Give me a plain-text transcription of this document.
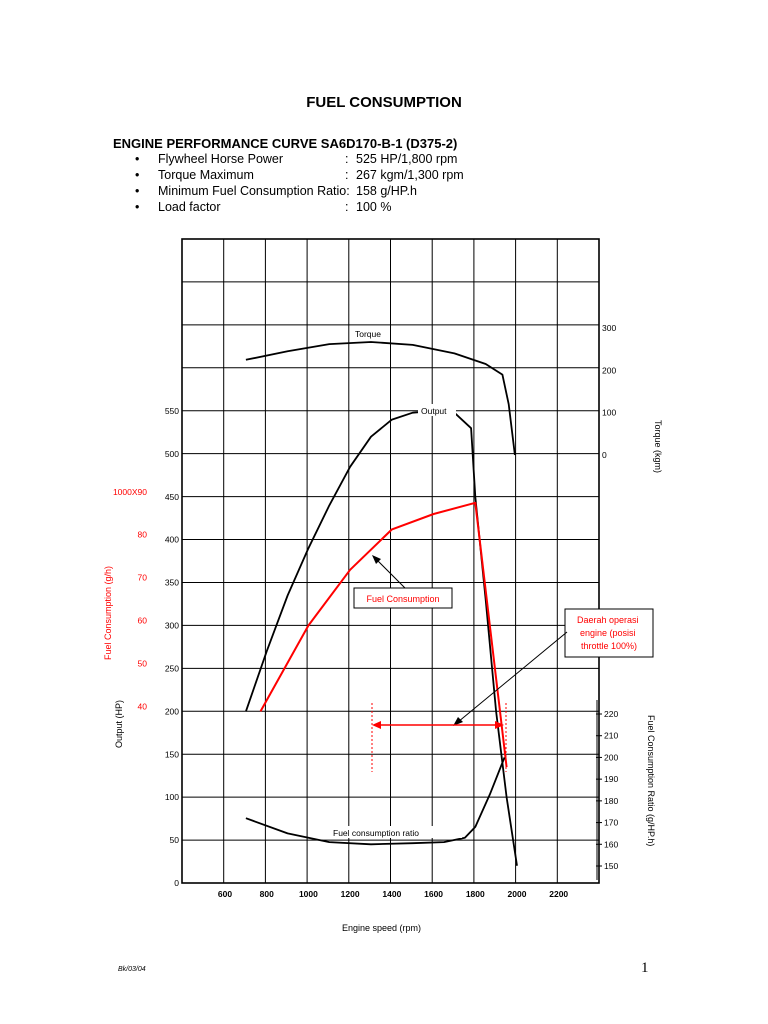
FUEL CONSUMPTION
ENGINE PERFORMANCE CURVE SA6D170-B-1 (D375-2)
• Flywheel Horse Power	: 525 HP/1,800 rpm
• Torque Maximum	: 267 kgm/1,300 rpm
• Minimum Fuel Consumption Ratio: 158 g/HP.h
• Load factor	: 100 %
600	800	1000	1200	1400	1600	1800	2000	2200
0
50
100
150
200
250
300
350
400
450
500
550
1000X90
80
70
60
50
40
300
200
100
0
220
210
200
190
180
170
160
150
Torque
Output
Fuel consumption ratio
Engine speed (rpm)
Output (HP)
Fuel Consumption (g/h)
Torque (kgm)
Fuel Consumption Ratio (g/HP.h)
Fuel Consumption
Daerah operasi engine (posisi throttle 100%)
Bk/03/04	1
